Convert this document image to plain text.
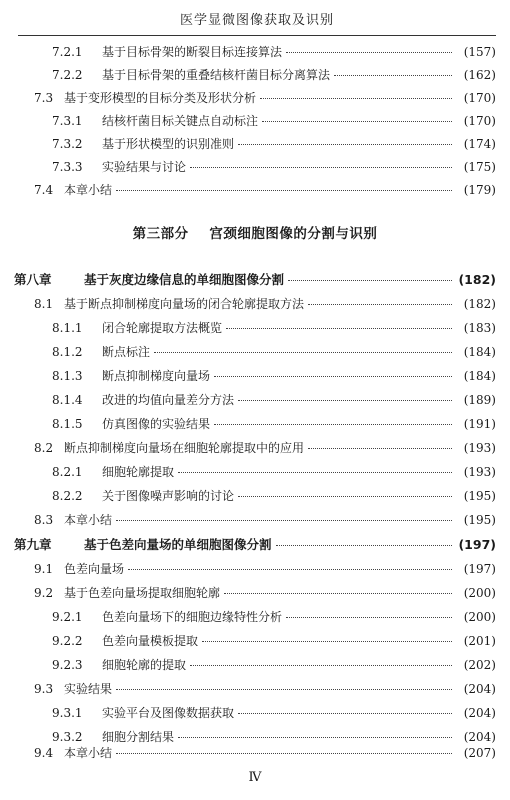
医学显微图像获取及识别
7.2.1	基于目标骨架的断裂目标连接算法	(157)
7.2.2	基于目标骨架的重叠结核杆菌目标分离算法	(162)
7.3 基于变形模型的目标分类及形状分析	(170)
7.3.1	结核杆菌目标关键点自动标注	(170)
7.3.2	基于形状模型的识别准则	(174)
7.3.3	实验结果与讨论	(175)
7.4 本章小结	(179)
第三部分 宫颈细胞图像的分割与识别
第八章	基于灰度边缘信息的单细胞图像分割	(182)
8.1 基于断点抑制梯度向量场的闭合轮廓提取方法	(182)
8.1.1	闭合轮廓提取方法概览	(183)
8.1.2	断点标注	(184)
8.1.3	断点抑制梯度向量场	(184)
8.1.4	改进的均值向量差分方法	(189)
8.1.5	仿真图像的实验结果	(191)
8.2 断点抑制梯度向量场在细胞轮廓提取中的应用	(193)
8.2.1	细胞轮廓提取	(193)
8.2.2	关于图像噪声影响的讨论	(195)
8.3 本章小结	(195)
第九章	基于色差向量场的单细胞图像分割	(197)
9.1 色差向量场	(197)
9.2 基于色差向量场提取细胞轮廓	(200)
9.2.1	色差向量场下的细胞边缘特性分析	(200)
9.2.2	色差向量模板提取	(201)
9.2.3	细胞轮廓的提取	(202)
9.3 实验结果	(204)
9.3.1	实验平台及图像数据获取	(204)
9.3.2	细胞分割结果	(204)
9.4 本章小结	(207)
Ⅳ
